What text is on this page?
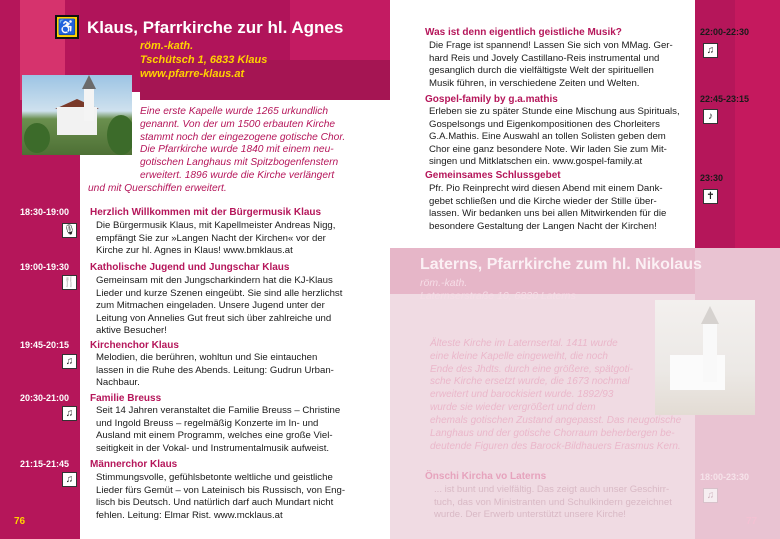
♿ Klaus, Pfarrkirche zur hl. Agnes
röm.-kath.
Tschütsch 1, 6833 Klaus
www.pfarre-klaus.at
Eine erste Kapelle wurde 1265 urkundlich
genannt. Von der um 1500 erbauten Kirche
stammt noch der eingezogene gotische Chor.
Die Pfarrkirche wurde 1840 mit einem neu-
gotischen Langhaus mit Spitzbogenfenstern
erweitert. 1896 wurde die Kirche verlängert
und mit Querschiffen erweitert.
18:30-19:00
🎙
Herzlich Willkommen mit der Bürgermusik Klaus
Die Bürgermusik Klaus, mit Kapellmeister Andreas Nigg,
empfängt Sie zur »Langen Nacht der Kirchen« vor der
Kirche zur hl. Agnes in Klaus! www.bmklaus.at
19:00-19:30
🍴
Katholische Jugend und Jungschar Klaus
Gemeinsam mit den Jungscharkindern hat die KJ-Klaus
Lieder und kurze Szenen eingeübt. Sie sind alle herzlichst
zum Mitmachen eingeladen. Unsere Jugend unter der
Leitung von Annelies Gut freut sich über zahlreiche und
aktive Besucher!
19:45-20:15
♫
Kirchenchor Klaus
Melodien, die berühren, wohltun und Sie eintauchen
lassen in die Ruhe des Abends. Leitung: Gudrun Urban-
Nachbaur.
20:30-21:00
♫
Familie Breuss
Seit 14 Jahren veranstaltet die Familie Breuss – Christine
und Ingold Breuss – regelmäßig Konzerte im In- und
Ausland mit einem Programm, welches eine große Viel-
seitigkeit in der Vokal- und Instrumentalmusik aufweist.
21:15-21:45
♫
Männerchor Klaus
Stimmungsvolle, gefühlsbetonte weltliche und geistliche
Lieder fürs Gemüt – von Lateinisch bis Russisch, von Eng-
lisch bis Deutsch. Und natürlich darf auch Mundart nicht
fehlen. Leitung: Elmar Rist. www.mcklaus.at
76
Was ist denn eigentlich geistliche Musik?
Die Frage ist spannend! Lassen Sie sich von MMag. Ger-
hard Reis und Jovely Castillano-Reis instrumental und
gesanglich durch die vielfältigste Welt der spirituellen
Musik führen, in verschiedene Zeiten und Welten.
22:00-22:30
♫
Gospel-family by g.a.mathis
Erleben sie zu später Stunde eine Mischung aus Spirituals,
Gospelsongs und Eigenkompositionen des Chorleiters
G.A.Mathis. Eine Auswahl an tollen Solisten geben dem
Chor eine ganz besondere Note. Wir laden Sie zum Mit-
singen und Mitklatschen ein. www.gospel-family.at
22:45-23:15
♪
Gemeinsames Schlussgebet
Pfr. Pio Reinprecht wird diesen Abend mit einem Dank-
gebet schließen und die Kirche wieder der Stille über-
lassen. Wir bedanken uns bei allen Mitwirkenden für die
besondere Gestaltung der Langen Nacht der Kirchen!
23:30
✝
Laterns, Pfarrkirche zum hl. Nikolaus
röm.-kath.
Laternserstraße 10, 6830 Laterns
Älteste Kirche im Laternsertal. 1411 wurde
eine kleine Kapelle eingeweiht, die noch
Ende des Jhdts. durch eine größere, spätgoti-
sche Kirche ersetzt wurde, die 1673 nochmal
erweitert und barockisiert wurde. 1892/93
wurde sie wieder vergrößert und dem
ehemals gotischen Zustand angepasst. Das neugotische
Langhaus und der gotische Chorraum beherbergen be-
deutende Figuren des Barock-Bildhauers Erasmus Kern.
Önschi Kircha vo Laterns
... ist bunt und vielfältig. Das zeigt auch unser Geschirr-
tuch, das von Ministranten und Schulkindern gezeichnet
wurde. Der Erwerb unterstützt unsere Kirche!
18:00-23:30
♫
77
